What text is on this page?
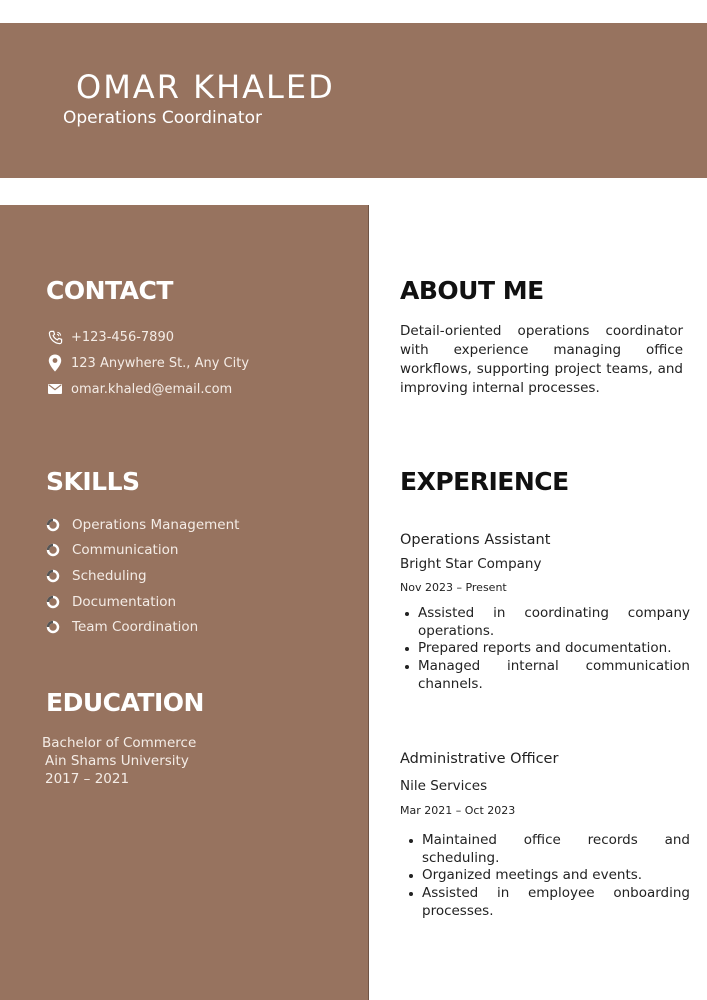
OMAR KHALED
Operations Coordinator
CONTACT
+123-456-7890
123 Anywhere St., Any City
omar.khaled@email.com
SKILLS
Operations Management
Communication
Scheduling
Documentation
Team Coordination
EDUCATION
Bachelor of Commerce
Ain Shams University
2017 – 2021
ABOUT ME
Detail-oriented operations coordinator with experience managing office workflows, supporting project teams, and improving internal processes.
EXPERIENCE
Operations Assistant
Bright Star Company
Nov 2023 – Present
Assisted in coordinating company operations.
Prepared reports and documentation.
Managed internal communication channels.
Administrative Officer
Nile Services
Mar 2021 – Oct 2023
Maintained office records and scheduling.
Organized meetings and events.
Assisted in employee onboarding processes.
